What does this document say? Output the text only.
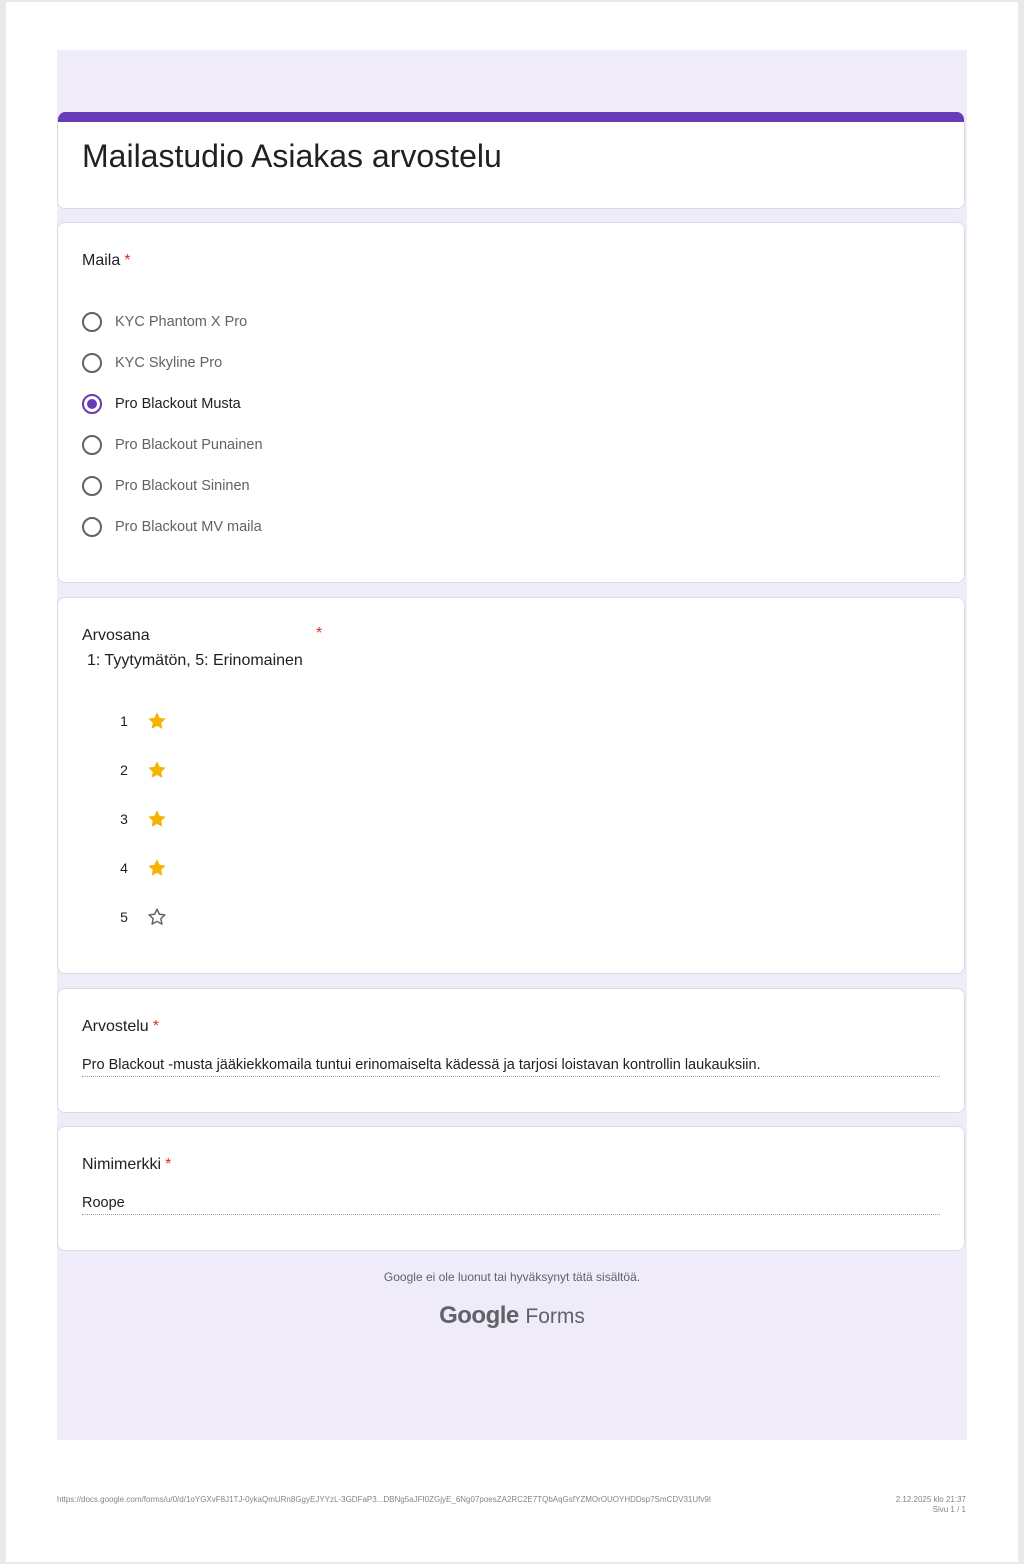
Mailastudio Asiakas arvostelu
Maila *
KYC Phantom X Pro
KYC Skyline Pro
Pro Blackout Musta
Pro Blackout Punainen
Pro Blackout Sininen
Pro Blackout MV maila
Arvosana	*
1: Tyytymätön, 5: Erinomainen
1
2
3
4
5
Arvostelu *
Pro Blackout -musta jääkiekkomaila tuntui erinomaiselta kädessä ja tarjosi loistavan kontrollin laukauksiin.
Nimimerkki *
Roope
Google ei ole luonut tai hyväksynyt tätä sisältöä.
Google Forms
https://docs.google.com/forms/u/0/d/1oYGXvF8J1TJ-0ykaQmURn8GgyEJYYzL-3GDFaP3...DBNg5aJFI0ZGjyE_6Ng07poesZA2RC2E7TQbAqGsfYZMOrOUOYHDDsp7SmCDV31Ufv9I	2.12.2025 klo 21:37
Sivu 1 / 1
